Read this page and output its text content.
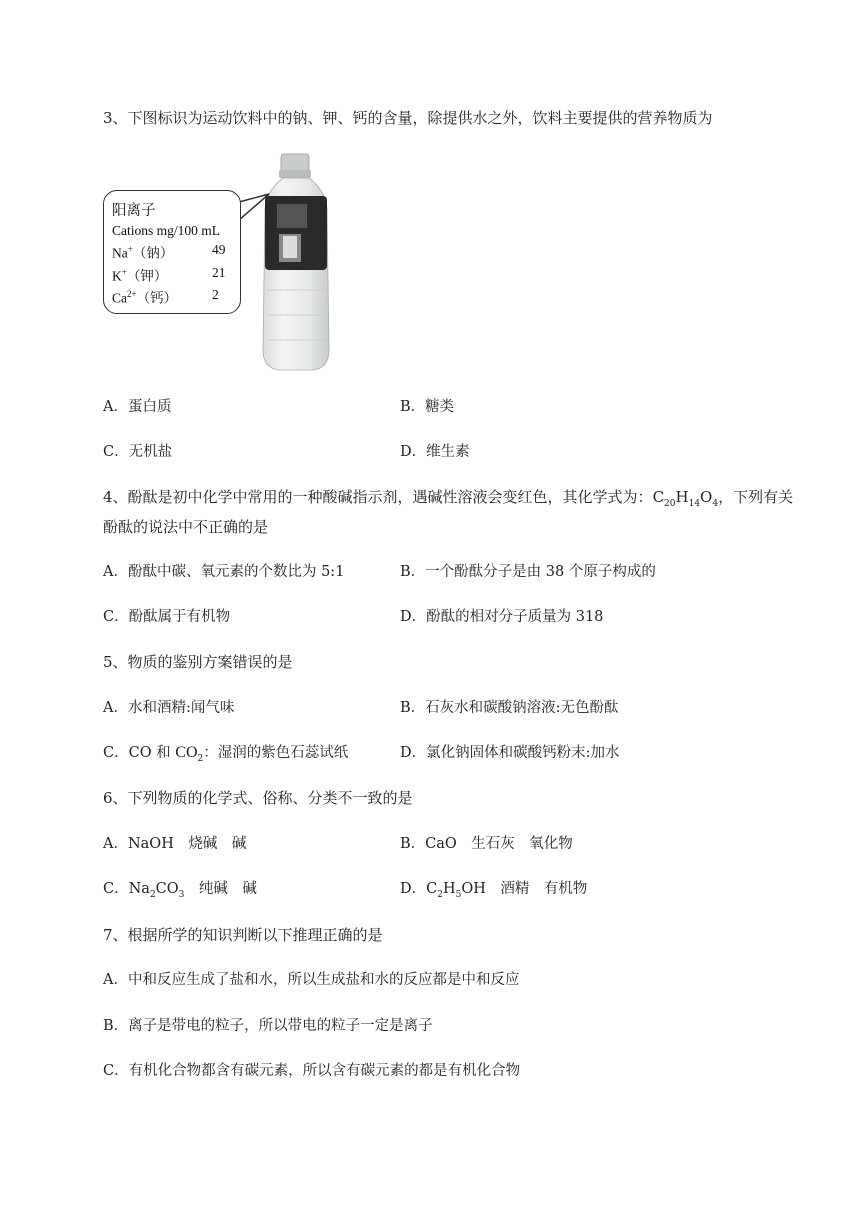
3、下图标识为运动饮料中的钠、钾、钙的含量，除提供水之外，饮料主要提供的营养物质为
阳离子
Cations mg/100 mL
Na+（钠）	49
K+（钾）	21
$Ca^{2+}$（钙）	2
A．蛋白质	B．糖类
C．无机盐	D．维生素
4、酚酞是初中化学中常用的一种酸碱指示剂，遇碱性溶液会变红色，其化学式为：$C_{20}H_{14}O_4$，下列有关
酚酞的说法中不正确的是
A．酚酞中碳、氧元素的个数比为 5:1	B．一个酚酞分子是由 38 个原子构成的
C．酚酞属于有机物	D．酚酞的相对分子质量为 318
5、物质的鉴别方案错误的是
A．水和酒精:闻气味	B．石灰水和碳酸钠溶液:无色酚酞
C．CO 和 $CO_2$：湿润的紫色石蕊试纸	D．氯化钠固体和碳酸钙粉末:加水
6、下列物质的化学式、俗称、分类不一致的是
A．NaOH　烧碱　碱	B．CaO　生石灰　氧化物
C．$Na_2CO_3$　纯碱　碱	D．$C_2H_5OH$　酒精　有机物
7、根据所学的知识判断以下推理正确的是
A．中和反应生成了盐和水，所以生成盐和水的反应都是中和反应
B．离子是带电的粒子，所以带电的粒子一定是离子
C．有机化合物都含有碳元素，所以含有碳元素的都是有机化合物
